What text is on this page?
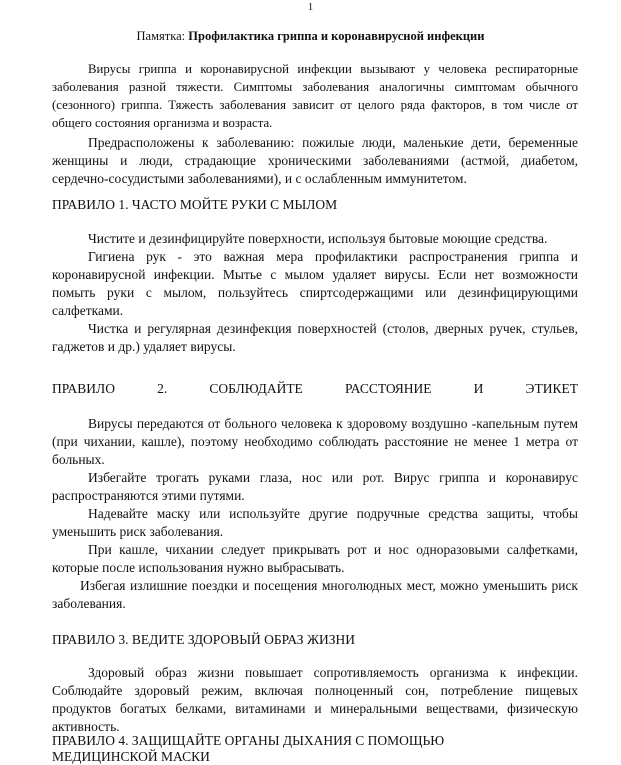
1
Памятка: Профилактика гриппа и коронавирусной инфекции

Вирусы гриппа и коронавирусной инфекции вызывают у человека респираторные заболевания разной тяжести. Симптомы заболевания аналогичны симптомам обычного (сезонного) гриппа. Тяжесть заболевания зависит от целого ряда факторов, в том числе от общего состояния организма и возраста.

Предрасположены к заболеванию: пожилые люди, маленькие дети, беременные женщины и люди, страдающие хроническими заболеваниями (астмой, диабетом, сердечно-сосудистыми заболеваниями), и с ослабленным иммунитетом.

ПРАВИЛО 1. ЧАСТО МОЙТЕ РУКИ С МЫЛОМ

Чистите и дезинфицируйте поверхности, используя бытовые моющие средства.

Гигиена рук - это важная мера профилактики распространения гриппа и коронавирусной инфекции. Мытье с мылом удаляет вирусы. Если нет возможности помыть руки с мылом, пользуйтесь спиртсодержащими или дезинфицирующими салфетками.

Чистка и регулярная дезинфекция поверхностей (столов, дверных ручек, стульев, гаджетов и др.) удаляет вирусы.

ПРАВИЛО	2.	СОБЛЮДАЙТЕ	РАССТОЯНИЕ	И	ЭТИКЕТ

Вирусы передаются от больного человека к здоровому воздушно -капельным путем (при чихании, кашле), поэтому необходимо соблюдать расстояние не менее 1 метра от больных.

Избегайте трогать руками глаза, нос или рот. Вирус гриппа и коронавирус распространяются этими путями.

Надевайте маску или используйте другие подручные средства защиты, чтобы уменьшить риск заболевания.

При кашле, чихании следует прикрывать рот и нос одноразовыми салфетками, которые после использования нужно выбрасывать.

Избегая излишние поездки и посещения многолюдных мест, можно уменьшить риск заболевания.

ПРАВИЛО 3. ВЕДИТЕ ЗДОРОВЫЙ ОБРАЗ ЖИЗНИ

Здоровый образ жизни повышает сопротивляемость организма к инфекции. Соблюдайте здоровый режим, включая полноценный сон, потребление пищевых продуктов богатых белками, витаминами и минеральными веществами, физическую активность.

ПРАВИЛО 4. ЗАЩИЩАЙТЕ ОРГАНЫ ДЫХАНИЯ С ПОМОЩЬЮ
МЕДИЦИНСКОЙ МАСКИ
